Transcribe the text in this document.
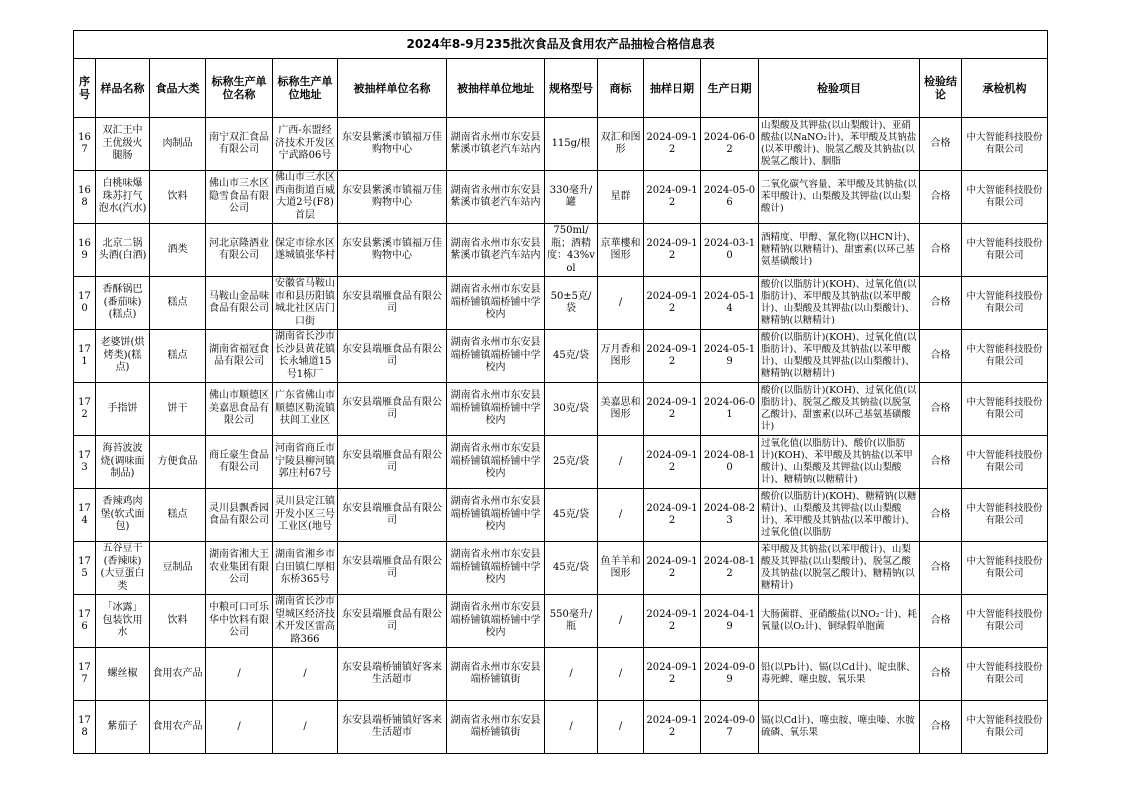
2024年8-9月235批次食品及食用农产品抽检合格信息表													
序号	样品名称	食品大类	标称生产单位名称	标称生产单位地址	被抽样单位名称	被抽样单位地址	规格型号	商标	抽样日期	生产日期	检验项目	检验结论	承检机构
167	双汇王中王优级火腿肠	肉制品	南宁双汇食品有限公司	广西-东盟经济技术开发区宁武路06号	东安县紫溪市镇福万佳购物中心	湖南省永州市东安县紫溪市镇老汽车站内	115g/根	双汇和图形	2024-09-12	2024-06-02	山梨酸及其钾盐(以山梨酸计)、亚硝酸盐(以NaNO₂计)、苯甲酸及其钠盐(以苯甲酸计)、脱氢乙酸及其钠盐(以脱氢乙酸计)、胭脂	合格	中大智能科技股份有限公司
168	白桃味爆珠苏打气泡水(汽水)	饮料	佛山市三水区隐雪食品有限公司	佛山市三水区西南街道百威大道2号(F8)首层	东安县紫溪市镇福万佳购物中心	湖南省永州市东安县紫溪市镇老汽车站内	330毫升/罐	星群	2024-09-12	2024-05-06	二氧化碳气容量、苯甲酸及其钠盐(以苯甲酸计)、山梨酸及其钾盐(以山梨酸计)	合格	中大智能科技股份有限公司
169	北京二锅头酒(白酒)	酒类	河北京隆酒业有限公司	保定市徐水区遂城镇张华村	东安县紫溪市镇福万佳购物中心	湖南省永州市东安县紫溪市镇老汽车站内	750ml/瓶；酒精度：43%vol	京華樓和图形	2024-09-12	2024-03-10	酒精度、甲醇、氰化物(以HCN计)、糖精钠(以糖精计)、甜蜜素(以环己基氨基磺酸计)	合格	中大智能科技股份有限公司
170	香酥锅巴(番茄味)(糕点)	糕点	马鞍山金品味食品有限公司	安徽省马鞍山市和县历阳镇城北社区店门口街	东安县端雁食品有限公司	湖南省永州市东安县端桥铺镇端桥铺中学校内	50±5克/袋	/	2024-09-12	2024-05-14	酸价(以脂肪计)(KOH)、过氧化值(以脂肪计)、苯甲酸及其钠盐(以苯甲酸计)、山梨酸及其钾盐(以山梨酸计)、糖精钠(以糖精计)	合格	中大智能科技股份有限公司
171	老婆饼(烘烤类)(糕点)	糕点	湖南省福冠食品有限公司	湖南省长沙市长沙县黄花镇长永辅道15号1栋厂	东安县端雁食品有限公司	湖南省永州市东安县端桥铺镇端桥铺中学校内	45克/袋	万月香和图形	2024-09-12	2024-05-19	酸价(以脂肪计)(KOH)、过氧化值(以脂肪计)、苯甲酸及其钠盐(以苯甲酸计)、山梨酸及其钾盐(以山梨酸计)、糖精钠(以糖精计)	合格	中大智能科技股份有限公司
172	手指饼	饼干	佛山市顺德区美嘉思食品有限公司	广东省佛山市顺德区勒流镇扶闾工业区	东安县端雁食品有限公司	湖南省永州市东安县端桥铺镇端桥铺中学校内	30克/袋	美嘉思和图形	2024-09-12	2024-06-01	酸价(以脂肪计)(KOH)、过氧化值(以脂肪计)、脱氢乙酸及其钠盐(以脱氢乙酸计)、甜蜜素(以环己基氨基磺酸计)	合格	中大智能科技股份有限公司
173	海苔波波烧(调味面制品)	方便食品	商丘豪生食品有限公司	河南省商丘市宁陵县柳河镇郭庄村67号	东安县端雁食品有限公司	湖南省永州市东安县端桥铺镇端桥铺中学校内	25克/袋	/	2024-09-12	2024-08-10	过氧化值(以脂肪计)、酸价(以脂肪计)(KOH)、苯甲酸及其钠盐(以苯甲酸计)、山梨酸及其钾盐(以山梨酸计)、糖精钠(以糖精计)	合格	中大智能科技股份有限公司
174	香辣鸡肉堡(软式面包)	糕点	灵川县飘香园食品有限公司	灵川县定江镇开发小区三号工业区(地号	东安县端雁食品有限公司	湖南省永州市东安县端桥铺镇端桥铺中学校内	45克/袋	/	2024-09-12	2024-08-23	酸价(以脂肪计)(KOH)、糖精钠(以糖精计)、山梨酸及其钾盐(以山梨酸计)、苯甲酸及其钠盐(以苯甲酸计)、过氧化值(以脂肪	合格	中大智能科技股份有限公司
175	五谷豆干(香辣味)(大豆蛋白类	豆制品	湖南省湘大王农业集团有限公司	湖南省湘乡市白田镇仁厚相东桥365号	东安县端雁食品有限公司	湖南省永州市东安县端桥铺镇端桥铺中学校内	45克/袋	鱼羊羊和图形	2024-09-12	2024-08-12	苯甲酸及其钠盐(以苯甲酸计)、山梨酸及其钾盐(以山梨酸计)、脱氢乙酸及其钠盐(以脱氢乙酸计)、糖精钠(以糖精计)	合格	中大智能科技股份有限公司
176	「冰露」包装饮用水	饮料	中粮可口可乐华中饮料有限公司	湖南省长沙市望城区经济技术开发区雷高路366	东安县端雁食品有限公司	湖南省永州市东安县端桥铺镇端桥铺中学校内	550毫升/瓶	/	2024-09-12	2024-04-19	大肠菌群、亚硝酸盐(以NO₂⁻计)、耗氧量(以O₂计)、铜绿假单胞菌	合格	中大智能科技股份有限公司
177	螺丝椒	食用农产品	/	/	东安县端桥铺镇好客来生活超市	湖南省永州市东安县端桥铺镇街	/	/	2024-09-12	2024-09-09	铅(以Pb计)、镉(以Cd计)、啶虫脒、毒死蜱、噻虫胺、氧乐果	合格	中大智能科技股份有限公司
178	紫茄子	食用农产品	/	/	东安县端桥铺镇好客来生活超市	湖南省永州市东安县端桥铺镇街	/	/	2024-09-12	2024-09-07	镉(以Cd计)、噻虫胺、噻虫嗪、水胺硫磷、氧乐果	合格	中大智能科技股份有限公司
